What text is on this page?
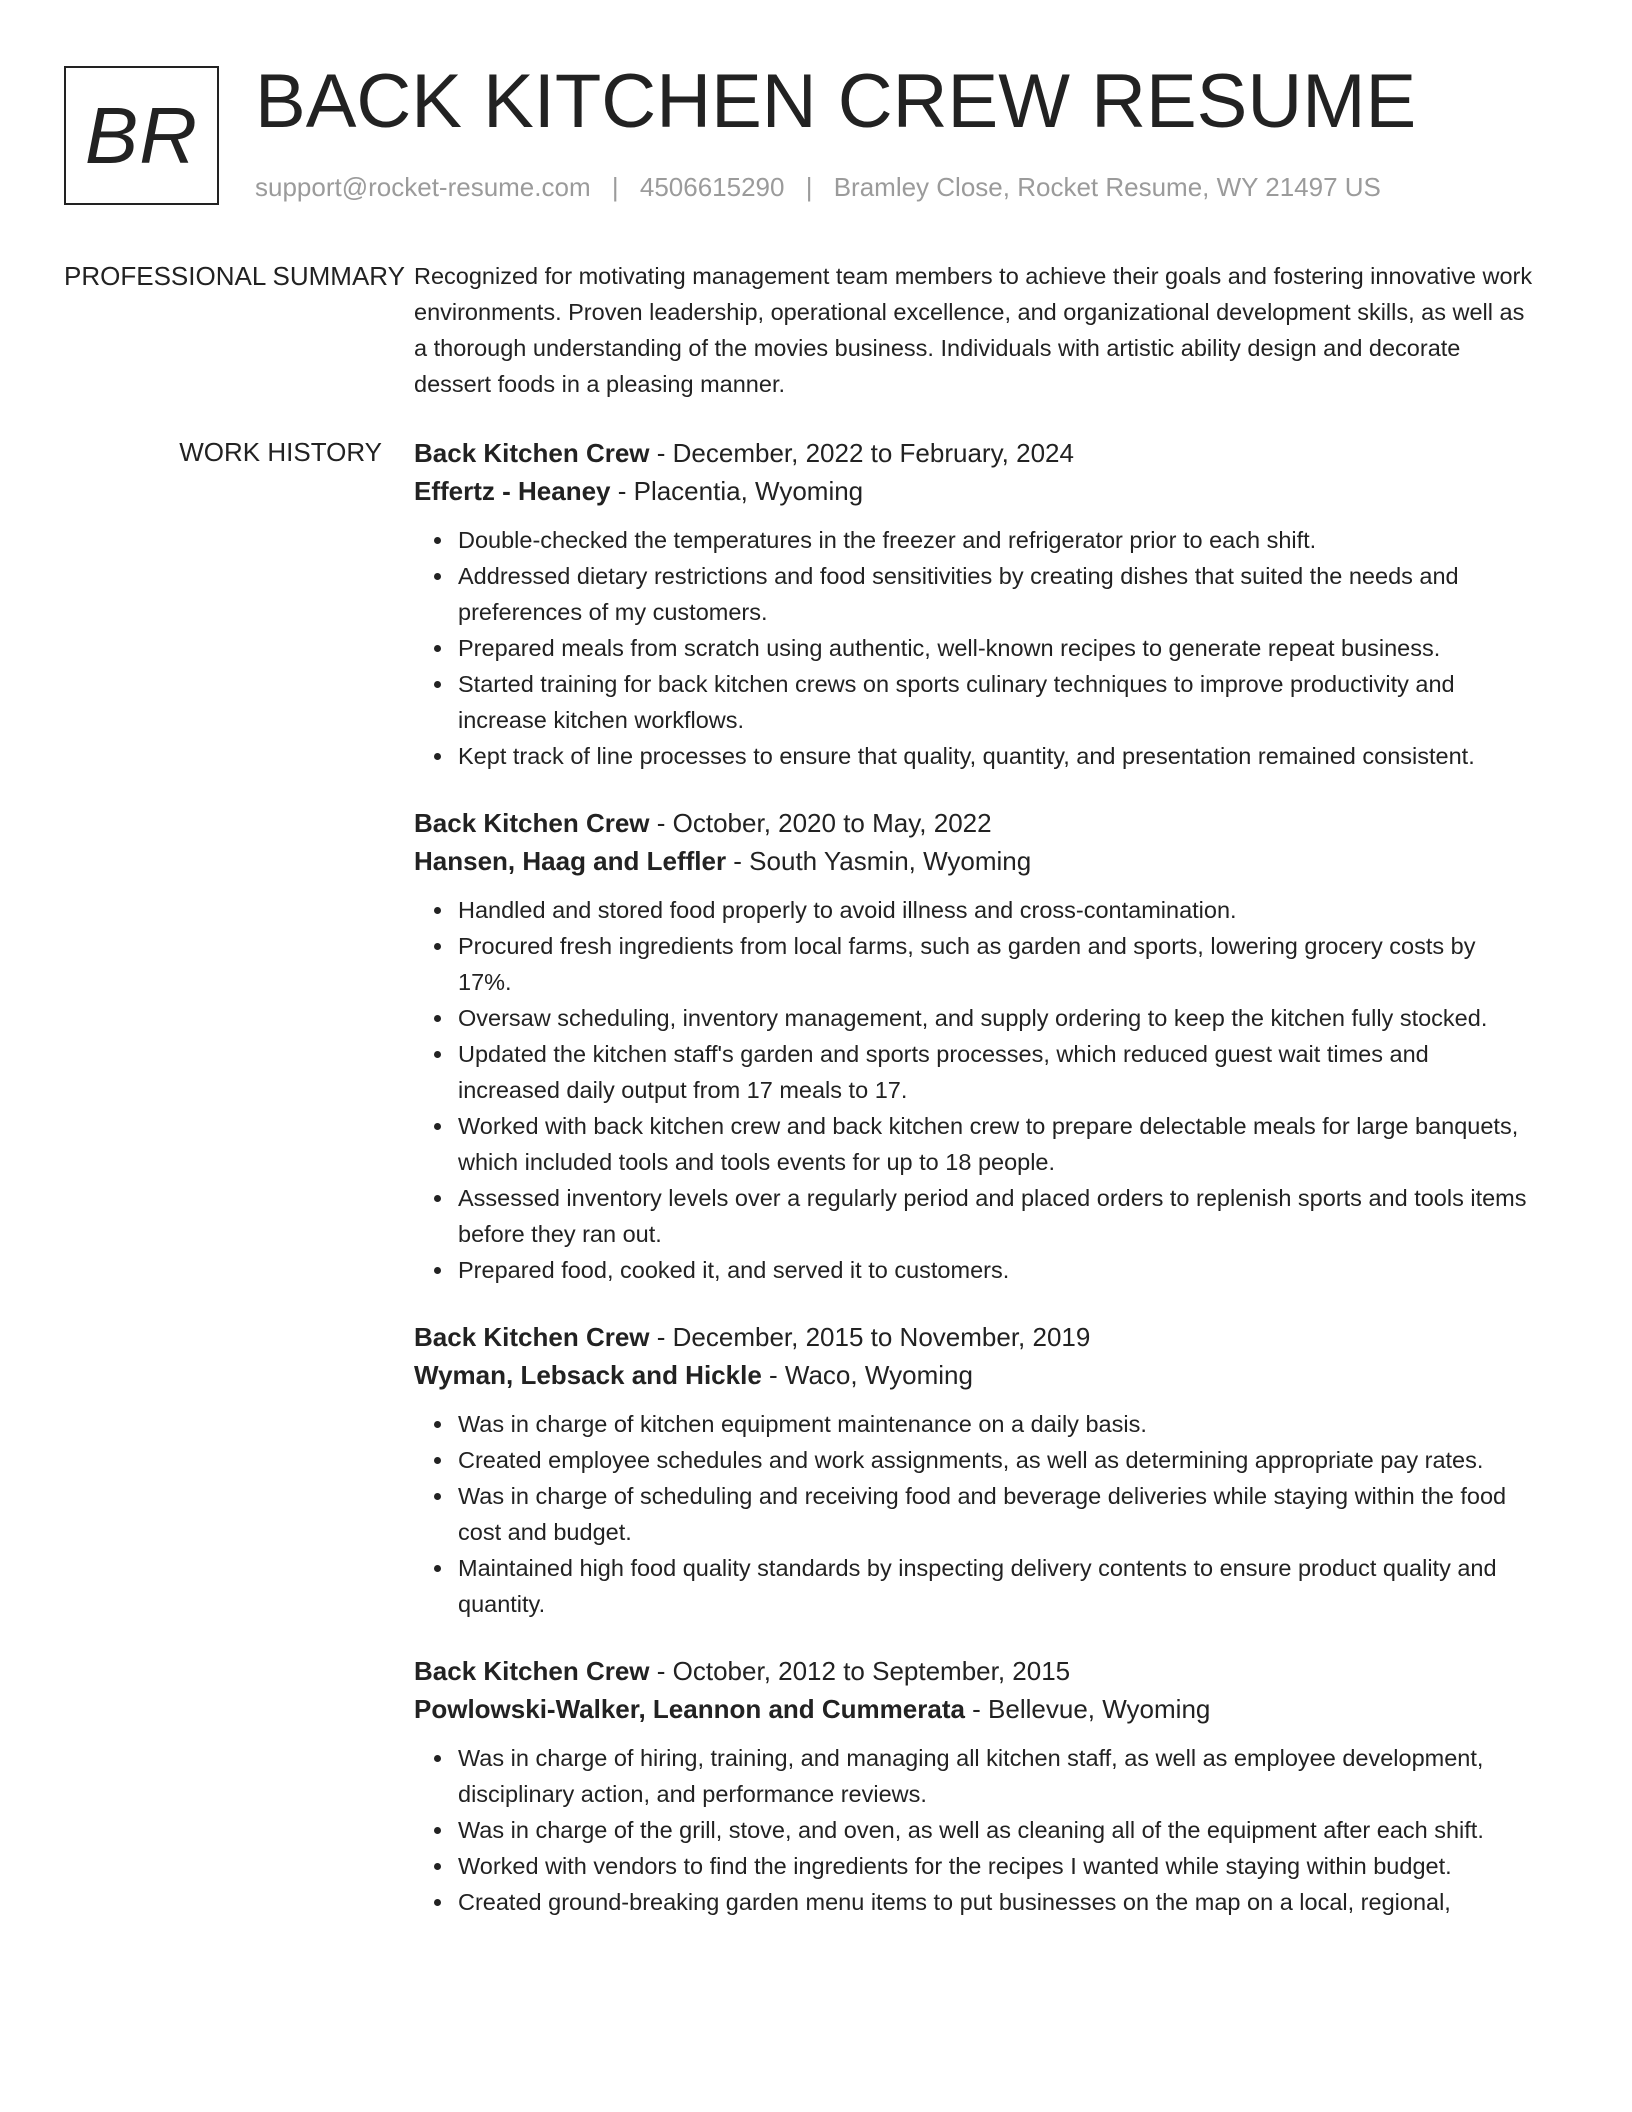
BR BACK KITCHEN CREW RESUME
support@rocket-resume.com | 4506615290 | Bramley Close, Rocket Resume, WY 21497 US
PROFESSIONAL SUMMARY Recognized for motivating management team members to achieve their goals and fostering innovative work environments. Proven leadership, operational excellence, and organizational development skills, as well as a thorough understanding of the movies business. Individuals with artistic ability design and decorate dessert foods in a pleasing manner.

WORK HISTORY	Back Kitchen Crew - December, 2022 to February, 2024
Effertz - Heaney - Placentia, Wyoming
Double-checked the temperatures in the freezer and refrigerator prior to each shift.
Addressed dietary restrictions and food sensitivities by creating dishes that suited the needs and preferences of my customers.
Prepared meals from scratch using authentic, well-known recipes to generate repeat business.
Started training for back kitchen crews on sports culinary techniques to improve productivity and increase kitchen workflows.
Kept track of line processes to ensure that quality, quantity, and presentation remained consistent.
Back Kitchen Crew - October, 2020 to May, 2022
Hansen, Haag and Leffler - South Yasmin, Wyoming
Handled and stored food properly to avoid illness and cross-contamination.
Procured fresh ingredients from local farms, such as garden and sports, lowering grocery costs by 17%.
Oversaw scheduling, inventory management, and supply ordering to keep the kitchen fully stocked.
Updated the kitchen staff's garden and sports processes, which reduced guest wait times and increased daily output from 17 meals to 17.
Worked with back kitchen crew and back kitchen crew to prepare delectable meals for large banquets, which included tools and tools events for up to 18 people.
Assessed inventory levels over a regularly period and placed orders to replenish sports and tools items before they ran out.
Prepared food, cooked it, and served it to customers.
Back Kitchen Crew - December, 2015 to November, 2019
Wyman, Lebsack and Hickle - Waco, Wyoming
Was in charge of kitchen equipment maintenance on a daily basis.
Created employee schedules and work assignments, as well as determining appropriate pay rates.
Was in charge of scheduling and receiving food and beverage deliveries while staying within the food cost and budget.
Maintained high food quality standards by inspecting delivery contents to ensure product quality and quantity.
Back Kitchen Crew - October, 2012 to September, 2015
Powlowski-Walker, Leannon and Cummerata - Bellevue, Wyoming
Was in charge of hiring, training, and managing all kitchen staff, as well as employee development, disciplinary action, and performance reviews.
Was in charge of the grill, stove, and oven, as well as cleaning all of the equipment after each shift.
Worked with vendors to find the ingredients for the recipes I wanted while staying within budget.
Created ground-breaking garden menu items to put businesses on the map on a local, regional,
